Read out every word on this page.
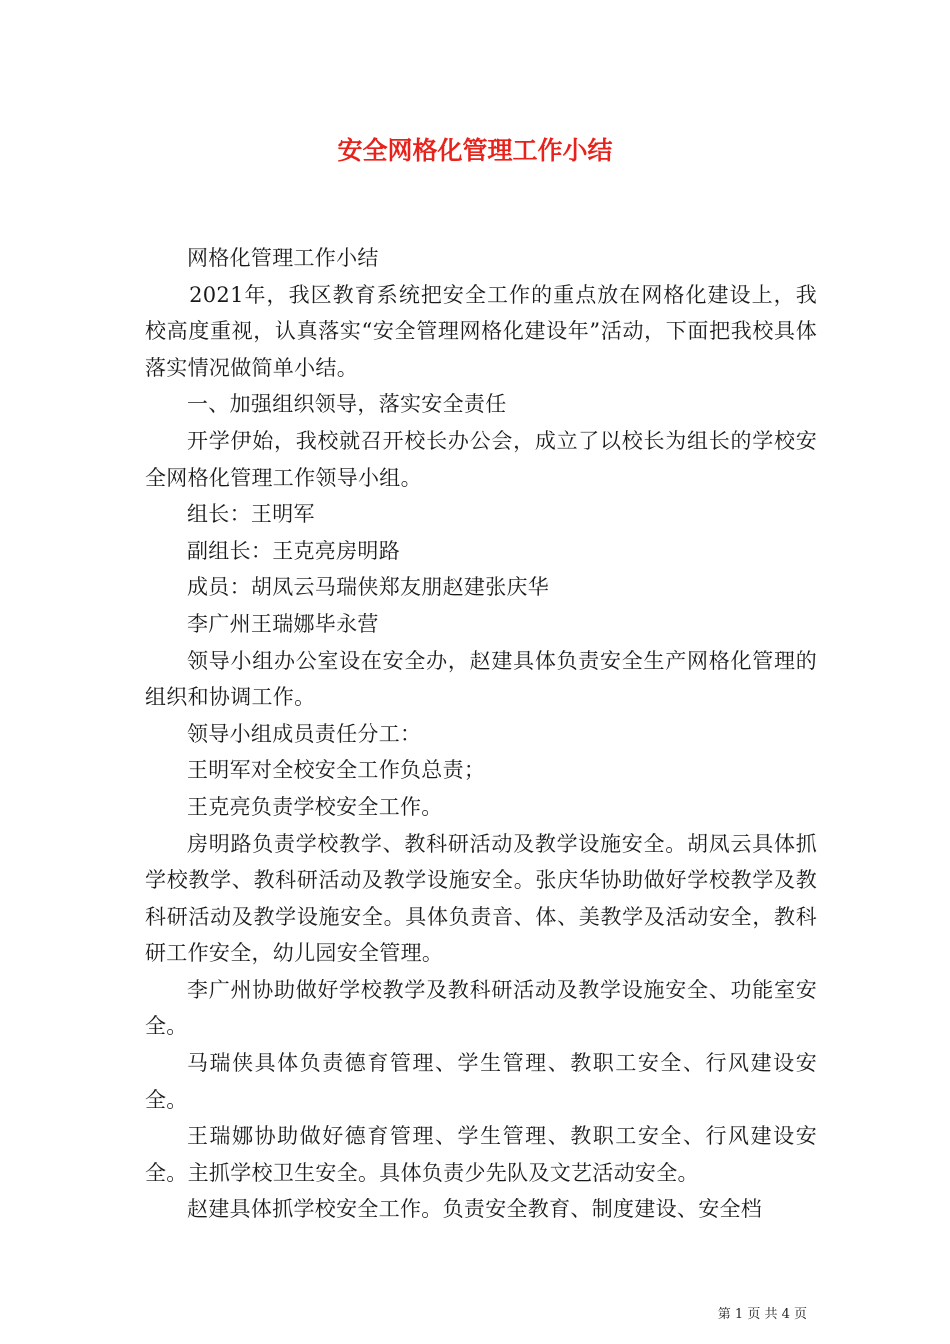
安全网格化管理工作小结

网格化管理工作小结

2021年，我区教育系统把安全工作的重点放在网格化建设上，我校高度重视，认真落实“安全管理网格化建设年”活动，下面把我校具体落实情况做简单小结。

一、加强组织领导，落实安全责任

开学伊始，我校就召开校长办公会，成立了以校长为组长的学校安全网格化管理工作领导小组。

组长：王明军

副组长：王克亮房明路

成员：胡凤云马瑞侠郑友朋赵建张庆华

李广州王瑞娜毕永营

领导小组办公室设在安全办，赵建具体负责安全生产网格化管理的组织和协调工作。

领导小组成员责任分工：

王明军对全校安全工作负总责；

王克亮负责学校安全工作。

房明路负责学校教学、教科研活动及教学设施安全。胡凤云具体抓学校教学、教科研活动及教学设施安全。张庆华协助做好学校教学及教科研活动及教学设施安全。具体负责音、体、美教学及活动安全，教科研工作安全，幼儿园安全管理。

李广州协助做好学校教学及教科研活动及教学设施安全、功能室安全。

马瑞侠具体负责德育管理、学生管理、教职工安全、行风建设安全。

王瑞娜协助做好德育管理、学生管理、教职工安全、行风建设安全。主抓学校卫生安全。具体负责少先队及文艺活动安全。

赵建具体抓学校安全工作。负责安全教育、制度建设、安全档

第 1 页 共 4 页
